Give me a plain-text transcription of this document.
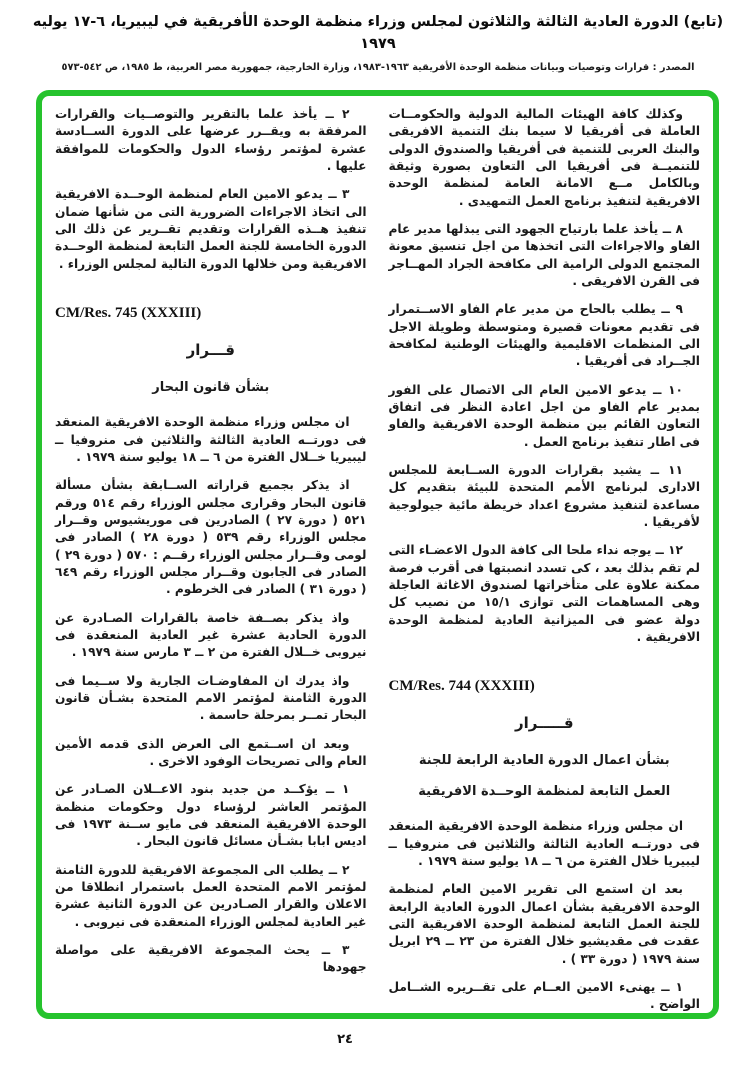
(تابع) الدورة العادية الثالثة والثلاثون لمجلس وزراء منظمة الوحدة الأفريقية في ليبيريا، ٦-١٧ يوليه ١٩٧٩
المصدر : قرارات وتوصيات وبيانات منظمة الوحدة الأفريقية ١٩٦٣-١٩٨٣، وزارة الخارجية، جمهورية مصر العربية، ط ١٩٨٥، ص ٥٤٢-٥٧٣

وكذلك كافة الهيئات المالية الدولية والحكومــات العاملة فى أفريقيا لا سيما بنك التنمية الافريقى والبنك العربى للتنمية فى أفريقيا والصندوق الدولى للتنميــة فى أفريقيا الى التعاون بصورة وثيقة وبالكامل مــع الامانة العامة لمنظمة الوحدة الافريقية لتنفيذ برنامج العمل التمهيدى .

٨ ــ يأخذ علما بارتياح الجهود التى يبذلها مدير عام الفاو والاجراءات التى اتخذها من اجل تنسيق معونة المجتمع الدولى الرامية الى مكافحة الجراد المهــاجر فى القرن الافريقى .

٩ ــ يطلب بالحاح من مدير عام الفاو الاســتمرار فى تقديم معونات قصيرة ومتوسطة وطويلة الاجل الى المنظمات الاقليمية والهيئات الوطنية لمكافحة الجــراد فى أفريقيا .

١٠ ــ يدعو الامين العام الى الاتصال على الفور بمدير عام الفاو من اجل اعادة النظر فى اتفاق التعاون القائم بين منظمة الوحدة الافريقية والفاو فى اطار تنفيذ برنامج العمل .

١١ ــ يشيد بقرارات الدورة الســابعة للمجلس الادارى لبرنامج الأمم المتحدة للبيئة بتقديم كل مساعدة لتنفيذ مشروع اعداد خريطة مائية جيولوجية لأفريقيا .

١٢ ــ يوجه نداء ملحا الى كافة الدول الاعضـاء التى لم تقم بذلك بعد ، كى تسدد انصبتها فى أقرب فرصة ممكنة علاوة على متأخراتها لصندوق الاغاثة العاجلة وهى المساهمات التى توازى ١٥/١ من نصيب كل دولة عضو فى الميزانية العادية لمنظمة الوحدة الافريقية .

CM/Res. 744 (XXXIII)

قـــــرار

بشأن اعمال الدورة العادية الرابعة للجنة

العمل التابعة لمنظمة الوحــدة الافريقية

ان مجلس وزراء منظمة الوحدة الافريقية المنعقد فى دورتــه العادية الثالثة والثلاثين فى منروفيا ــ ليبيريا خلال الفترة من ٦ ــ ١٨ يوليو سنة ١٩٧٩ .

بعد ان استمع الى تقرير الامين العام لمنظمة الوحدة الافريقية بشأن اعمال الدورة العادية الرابعة للجنة العمل التابعة لمنظمة الوحدة الافريقية التى عقدت فى مقديشيو خلال الفترة من ٢٣ ــ ٢٩ ابريل سنة ١٩٧٩ ( دورة ٣٣ ) .

١ ــ يهنىء الامين العــام على تقــريره الشــامل الواضح .

٢ ــ يأخذ علما بالتقرير والتوصــيات والقرارات المرفقة به ويقــرر عرضها على الدورة الســادسة عشرة لمؤتمر رؤساء الدول والحكومات للموافقة عليها .

٣ ــ يدعو الامين العام لمنظمة الوحــدة الافريقية الى اتخاذ الاجراءات الضرورية التى من شأنها ضمان تنفيذ هــذه القرارات وتقديم تقــرير عن ذلك الى الدورة الخامسة للجنة العمل التابعة لمنظمة الوحــدة الافريقية ومن خلالها الدورة التالية لمجلس الوزراء .

CM/Res. 745 (XXXIII)

قـــرار

بشأن قانون البحار

ان مجلس وزراء منظمة الوحدة الافريقية المنعقد فى دورتــه العادية الثالثة والثلاثين فى منروفيا ــ ليبيريا خــلال الفترة من ٦ ــ ١٨ يوليو سنة ١٩٧٩ .

اذ يذكر بجميع قراراته الســابقة بشأن مسألة قانون البحار وقرارى مجلس الوزراء رقم ٥١٤ ورقم ٥٢١ ( دورة ٢٧ ) الصادرين فى موريشيوس وقــرار مجلس الوزراء رقم ٥٣٩ ( دورة ٢٨ ) الصادر فى لومى وقــرار مجلس الوزراء رقــم : ٥٧٠ ( دورة ٢٩ ) الصادر فى الجابون وقــرار مجلس الوزراء رقم ٦٤٩ ( دورة ٣١ ) الصادر فى الخرطوم .

واذ يذكر بصــفة خاصة بالقرارات الصـادرة عن الدورة الحادية عشرة غير العادية المنعقدة فى نيروبى خــلال الفترة من ٢ ــ ٣ مارس سنة ١٩٧٩ .

واذ يدرك ان المفاوضـات الجارية ولا ســيما فى الدورة الثامنة لمؤتمر الامم المتحدة بشـأن قانون البحار تمــر بمرحلة حاسمة .

وبعد ان اســتمع الى العرض الذى قدمه الأمين العام والى تصريحات الوفود الاخرى .

١ ــ يؤكــد من جديد بنود الاعــلان الصـادر عن المؤتمر العاشر لرؤساء دول وحكومات منظمة الوحدة الافريقية المنعقد فى مايو ســنة ١٩٧٣ فى اديس ابابا بشـأن مسائل قانون البحار .

٢ ــ يطلب الى المجموعة الافريقية للدورة الثامنة لمؤتمر الامم المتحدة العمل باستمرار انطلاقا من الاعلان والقرار الصـادرين عن الدورة الثانية عشرة غير العادية لمجلس الوزراء المنعقدة فى نيروبى .

٣ ــ يحث المجموعة الافريقية على مواصلة جهودها

٢٤
